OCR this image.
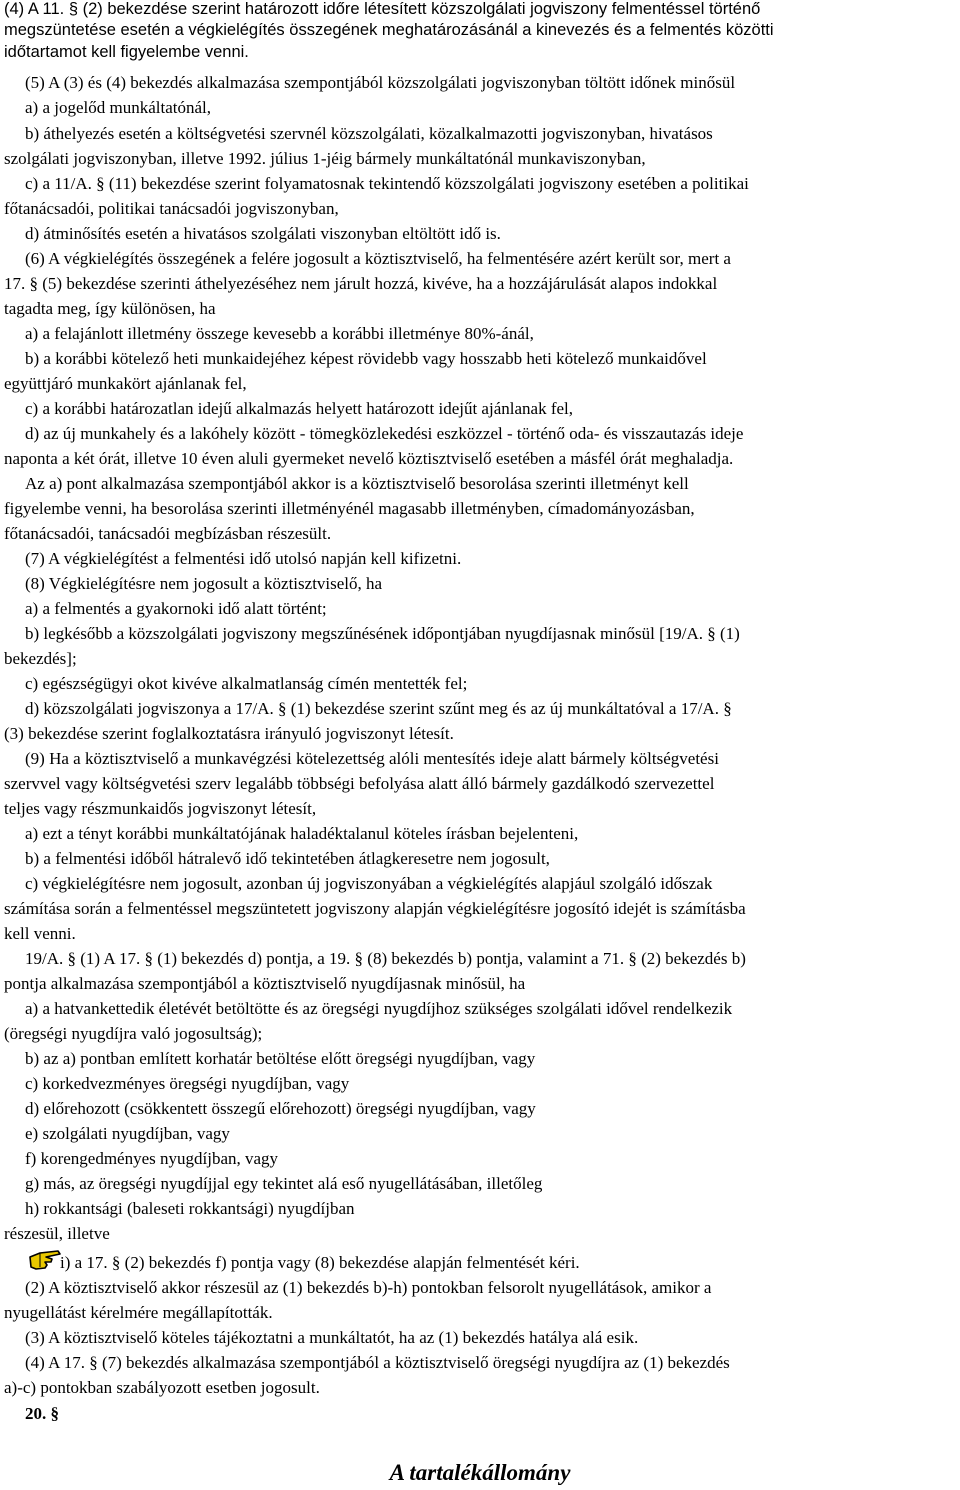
(4) A 11. § (2) bekezdése szerint határozott időre létesített közszolgálati jogviszony felmentéssel történő
megszüntetése esetén a végkielégítés összegének meghatározásánál a kinevezés és a felmentés közötti
időtartamot kell figyelembe venni.
(5) A (3) és (4) bekezdés alkalmazása szempontjából közszolgálati jogviszonyban töltött időnek minősül
a) a jogelőd munkáltatónál,
b) áthelyezés esetén a költségvetési szervnél közszolgálati, közalkalmazotti jogviszonyban, hivatásos
szolgálati jogviszonyban, illetve 1992. július 1-jéig bármely munkáltatónál munkaviszonyban,
c) a 11/A. § (11) bekezdése szerint folyamatosnak tekintendő közszolgálati jogviszony esetében a politikai
főtanácsadói, politikai tanácsadói jogviszonyban,
d) átminősítés esetén a hivatásos szolgálati viszonyban eltöltött idő is.
(6) A végkielégítés összegének a felére jogosult a köztisztviselő, ha felmentésére azért került sor, mert a
17. § (5) bekezdése szerinti áthelyezéséhez nem járult hozzá, kivéve, ha a hozzájárulását alapos indokkal
tagadta meg, így különösen, ha
a) a felajánlott illetmény összege kevesebb a korábbi illetménye 80%-ánál,
b) a korábbi kötelező heti munkaidejéhez képest rövidebb vagy hosszabb heti kötelező munkaidővel
együttjáró munkakört ajánlanak fel,
c) a korábbi határozatlan idejű alkalmazás helyett határozott idejűt ajánlanak fel,
d) az új munkahely és a lakóhely között - tömegközlekedési eszközzel - történő oda- és visszautazás ideje
naponta a két órát, illetve 10 éven aluli gyermeket nevelő köztisztviselő esetében a másfél órát meghaladja.
Az a) pont alkalmazása szempontjából akkor is a köztisztviselő besorolása szerinti illetményt kell
figyelembe venni, ha besorolása szerinti illetményénél magasabb illetményben, címadományozásban,
főtanácsadói, tanácsadói megbízásban részesült.
(7) A végkielégítést a felmentési idő utolsó napján kell kifizetni.
(8) Végkielégítésre nem jogosult a köztisztviselő, ha
a) a felmentés a gyakornoki idő alatt történt;
b) legkésőbb a közszolgálati jogviszony megszűnésének időpontjában nyugdíjasnak minősül [19/A. § (1)
bekezdés];
c) egészségügyi okot kivéve alkalmatlanság címén mentették fel;
d) közszolgálati jogviszonya a 17/A. § (1) bekezdése szerint szűnt meg és az új munkáltatóval a 17/A. §
(3) bekezdése szerint foglalkoztatásra irányuló jogviszonyt létesít.
(9) Ha a köztisztviselő a munkavégzési kötelezettség alóli mentesítés ideje alatt bármely költségvetési
szervvel vagy költségvetési szerv legalább többségi befolyása alatt álló bármely gazdálkodó szervezettel
teljes vagy részmunkaidős jogviszonyt létesít,
a) ezt a tényt korábbi munkáltatójának haladéktalanul köteles írásban bejelenteni,
b) a felmentési időből hátralevő idő tekintetében átlagkeresetre nem jogosult,
c) végkielégítésre nem jogosult, azonban új jogviszonyában a végkielégítés alapjául szolgáló időszak
számítása során a felmentéssel megszüntetett jogviszony alapján végkielégítésre jogosító idejét is számításba
kell venni.
19/A. § (1) A 17. § (1) bekezdés d) pontja, a 19. § (8) bekezdés b) pontja, valamint a 71. § (2) bekezdés b)
pontja alkalmazása szempontjából a köztisztviselő nyugdíjasnak minősül, ha
a) a hatvankettedik életévét betöltötte és az öregségi nyugdíjhoz szükséges szolgálati idővel rendelkezik
(öregségi nyugdíjra való jogosultság);
b) az a) pontban említett korhatár betöltése előtt öregségi nyugdíjban, vagy
c) korkedvezményes öregségi nyugdíjban, vagy
d) előrehozott (csökkentett összegű előrehozott) öregségi nyugdíjban, vagy
e) szolgálati nyugdíjban, vagy
f) korengedményes nyugdíjban, vagy
g) más, az öregségi nyugdíjjal egy tekintet alá eső nyugellátásában, illetőleg
h) rokkantsági (baleseti rokkantsági) nyugdíjban
részesül, illetve
i) a 17. § (2) bekezdés f) pontja vagy (8) bekezdése alapján felmentését kéri.
(2) A köztisztviselő akkor részesül az (1) bekezdés b)-h) pontokban felsorolt nyugellátások, amikor a
nyugellátást kérelmére megállapították.
(3) A köztisztviselő köteles tájékoztatni a munkáltatót, ha az (1) bekezdés hatálya alá esik.
(4) A 17. § (7) bekezdés alkalmazása szempontjából a köztisztviselő öregségi nyugdíjra az (1) bekezdés
a)-c) pontokban szabályozott esetben jogosult.
20. §
A tartalékállomány
